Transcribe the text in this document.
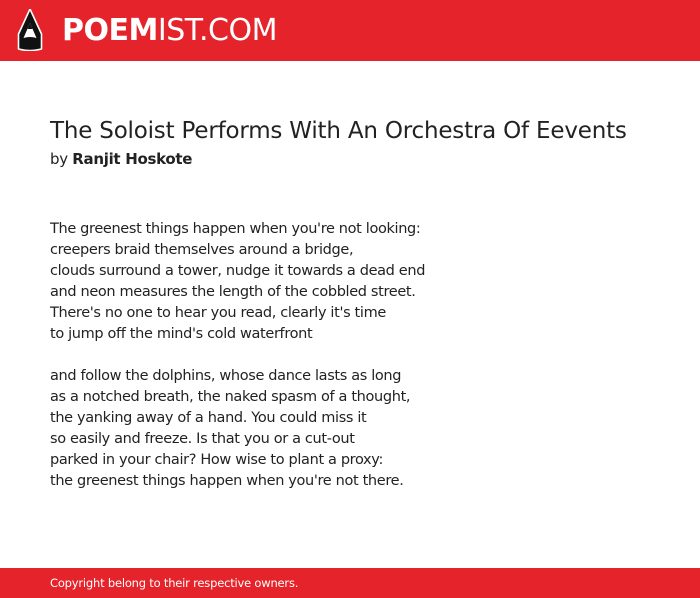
POEMIST.COM
The Soloist Performs With An Orchestra Of Eevents
by Ranjit Hoskote
The greenest things happen when you're not looking:
creepers braid themselves around a bridge,
clouds surround a tower, nudge it towards a dead end
and neon measures the length of the cobbled street.
There's no one to hear you read, clearly it's time
to jump off the mind's cold waterfront
and follow the dolphins, whose dance lasts as long
as a notched breath, the naked spasm of a thought,
the yanking away of a hand. You could miss it
so easily and freeze. Is that you or a cut-out
parked in your chair? How wise to plant a proxy:
the greenest things happen when you're not there.
Copyright belong to their respective owners.
